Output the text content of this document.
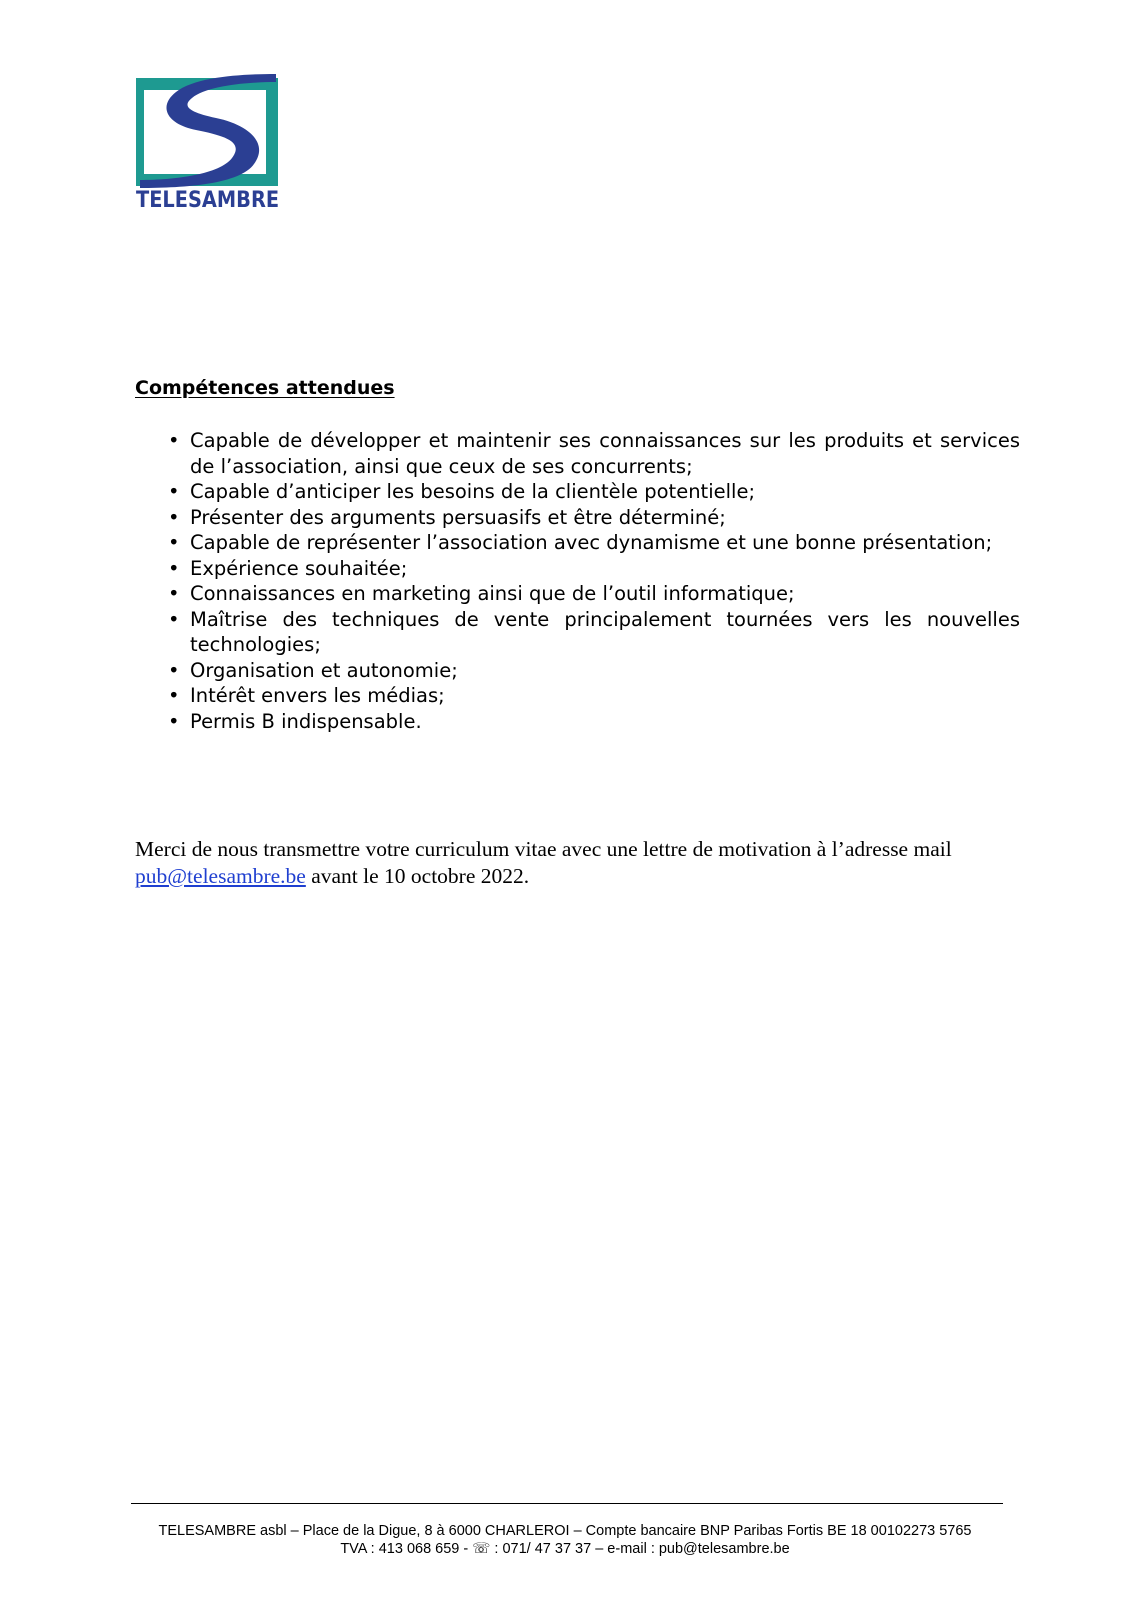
TELESAMBRE
Compétences attendues
• Capable de développer et maintenir ses connaissances sur les produits et services de l’association, ainsi que ceux de ses concurrents;
• Capable d’anticiper les besoins de la clientèle potentielle;
• Présenter des arguments persuasifs et être déterminé;
• Capable de représenter l’association avec dynamisme et une bonne présentation;
• Expérience souhaitée;
• Connaissances en marketing ainsi que de l’outil informatique;
• Maîtrise des techniques de vente principalement tournées vers les nouvelles technologies;
• Organisation et autonomie;
• Intérêt envers les médias;
• Permis B indispensable.
Merci de nous transmettre votre curriculum vitae avec une lettre de motivation à l’adresse mail pub@telesambre.be avant le 10 octobre 2022.
TELESAMBRE asbl – Place de la Digue, 8 à 6000 CHARLEROI – Compte bancaire BNP Paribas Fortis BE 18 00102273 5765
TVA : 413 068 659 - ☏ : 071/ 47 37 37 – e-mail : pub@telesambre.be
